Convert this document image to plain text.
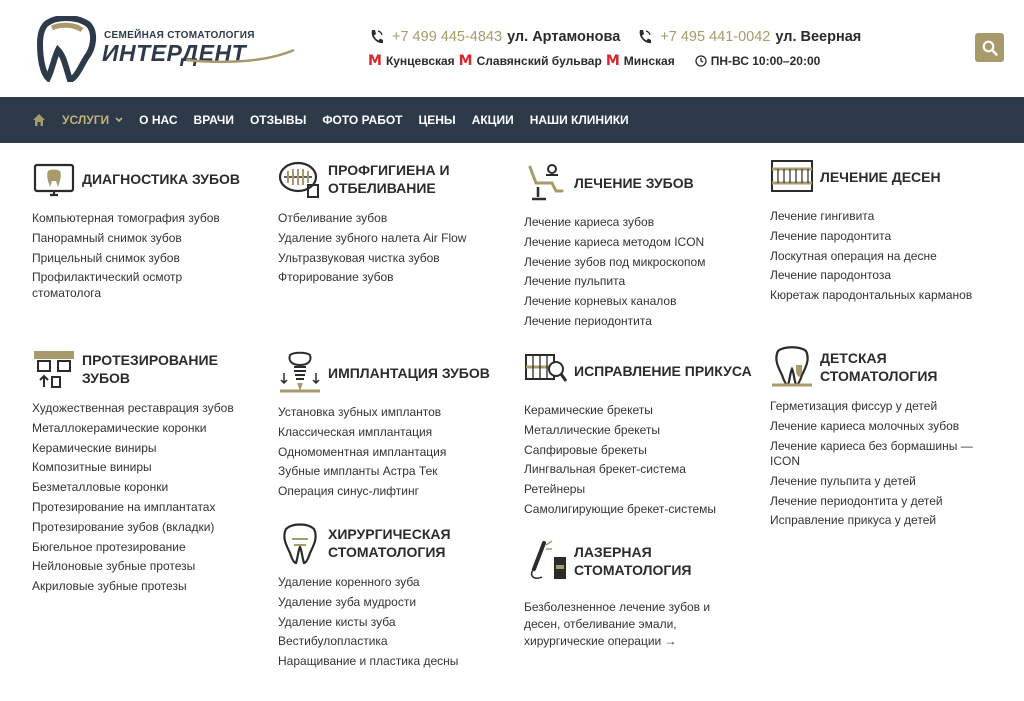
СЕМЕЙНАЯ СТОМАТОЛОГИЯ
ИНТЕРДЕНТ
+7 499 445-4843 ул. Артамонова	+7 495 441-0042 ул. Веерная
М Кунцевская М Славянский бульвар М Минская	ПН-ВС 10:00–20:00
УСЛУГИ	О НАС ВРАЧИ ОТЗЫВЫ ФОТО РАБОТ ЦЕНЫ АКЦИИ НАШИ КЛИНИКИ
ДИАГНОСТИКА ЗУБОВ
Компьютерная томография зубов
Панорамный снимок зубов
Прицельный снимок зубов
Профилактический осмотр стоматолога
ПРОТЕЗИРОВАНИЕ ЗУБОВ
Художественная реставрация зубов
Металлокерамические коронки
Керамические виниры
Композитные виниры
Безметалловые коронки
Протезирование на имплантатах
Протезирование зубов (вкладки)
Бюгельное протезирование
Нейлоновые зубные протезы
Акриловые зубные протезы
ПРОФГИГИЕНА И ОТБЕЛИВАНИЕ
Отбеливание зубов
Удаление зубного налета Air Flow
Ультразвуковая чистка зубов
Фторирование зубов
ИМПЛАНТАЦИЯ ЗУБОВ
Установка зубных имплантов
Классическая имплантация
Одномоментная имплантация
Зубные импланты Астра Тек
Операция синус-лифтинг
ХИРУРГИЧЕСКАЯ СТОМАТОЛОГИЯ
Удаление коренного зуба
Удаление зуба мудрости
Удаление кисты зуба
Вестибулопластика
Наращивание и пластика десны
ЛЕЧЕНИЕ ЗУБОВ
Лечение кариеса зубов
Лечение кариеса методом ICON
Лечение зубов под микроскопом
Лечение пульпита
Лечение корневых каналов
Лечение периодонтита
ИСПРАВЛЕНИЕ ПРИКУСА
Керамические брекеты
Металлические брекеты
Сапфировые брекеты
Лингвальная брекет-система
Ретейнеры
Самолигирующие брекет-системы
ЛАЗЕРНАЯ СТОМАТОЛОГИЯ

Безболезненное лечение зубов и десен, отбеливание эмали, хирургические операции →

ЛЕЧЕНИЕ ДЕСЕН
Лечение гингивита
Лечение пародонтита
Лоскутная операция на десне
Лечение пародонтоза
Кюретаж пародонтальных карманов
ДЕТСКАЯ СТОМАТОЛОГИЯ
Герметизация фиссур у детей
Лечение кариеса молочных зубов
Лечение кариеса без бормашины — ICON
Лечение пульпита у детей
Лечение периодонтита у детей
Исправление прикуса у детей
